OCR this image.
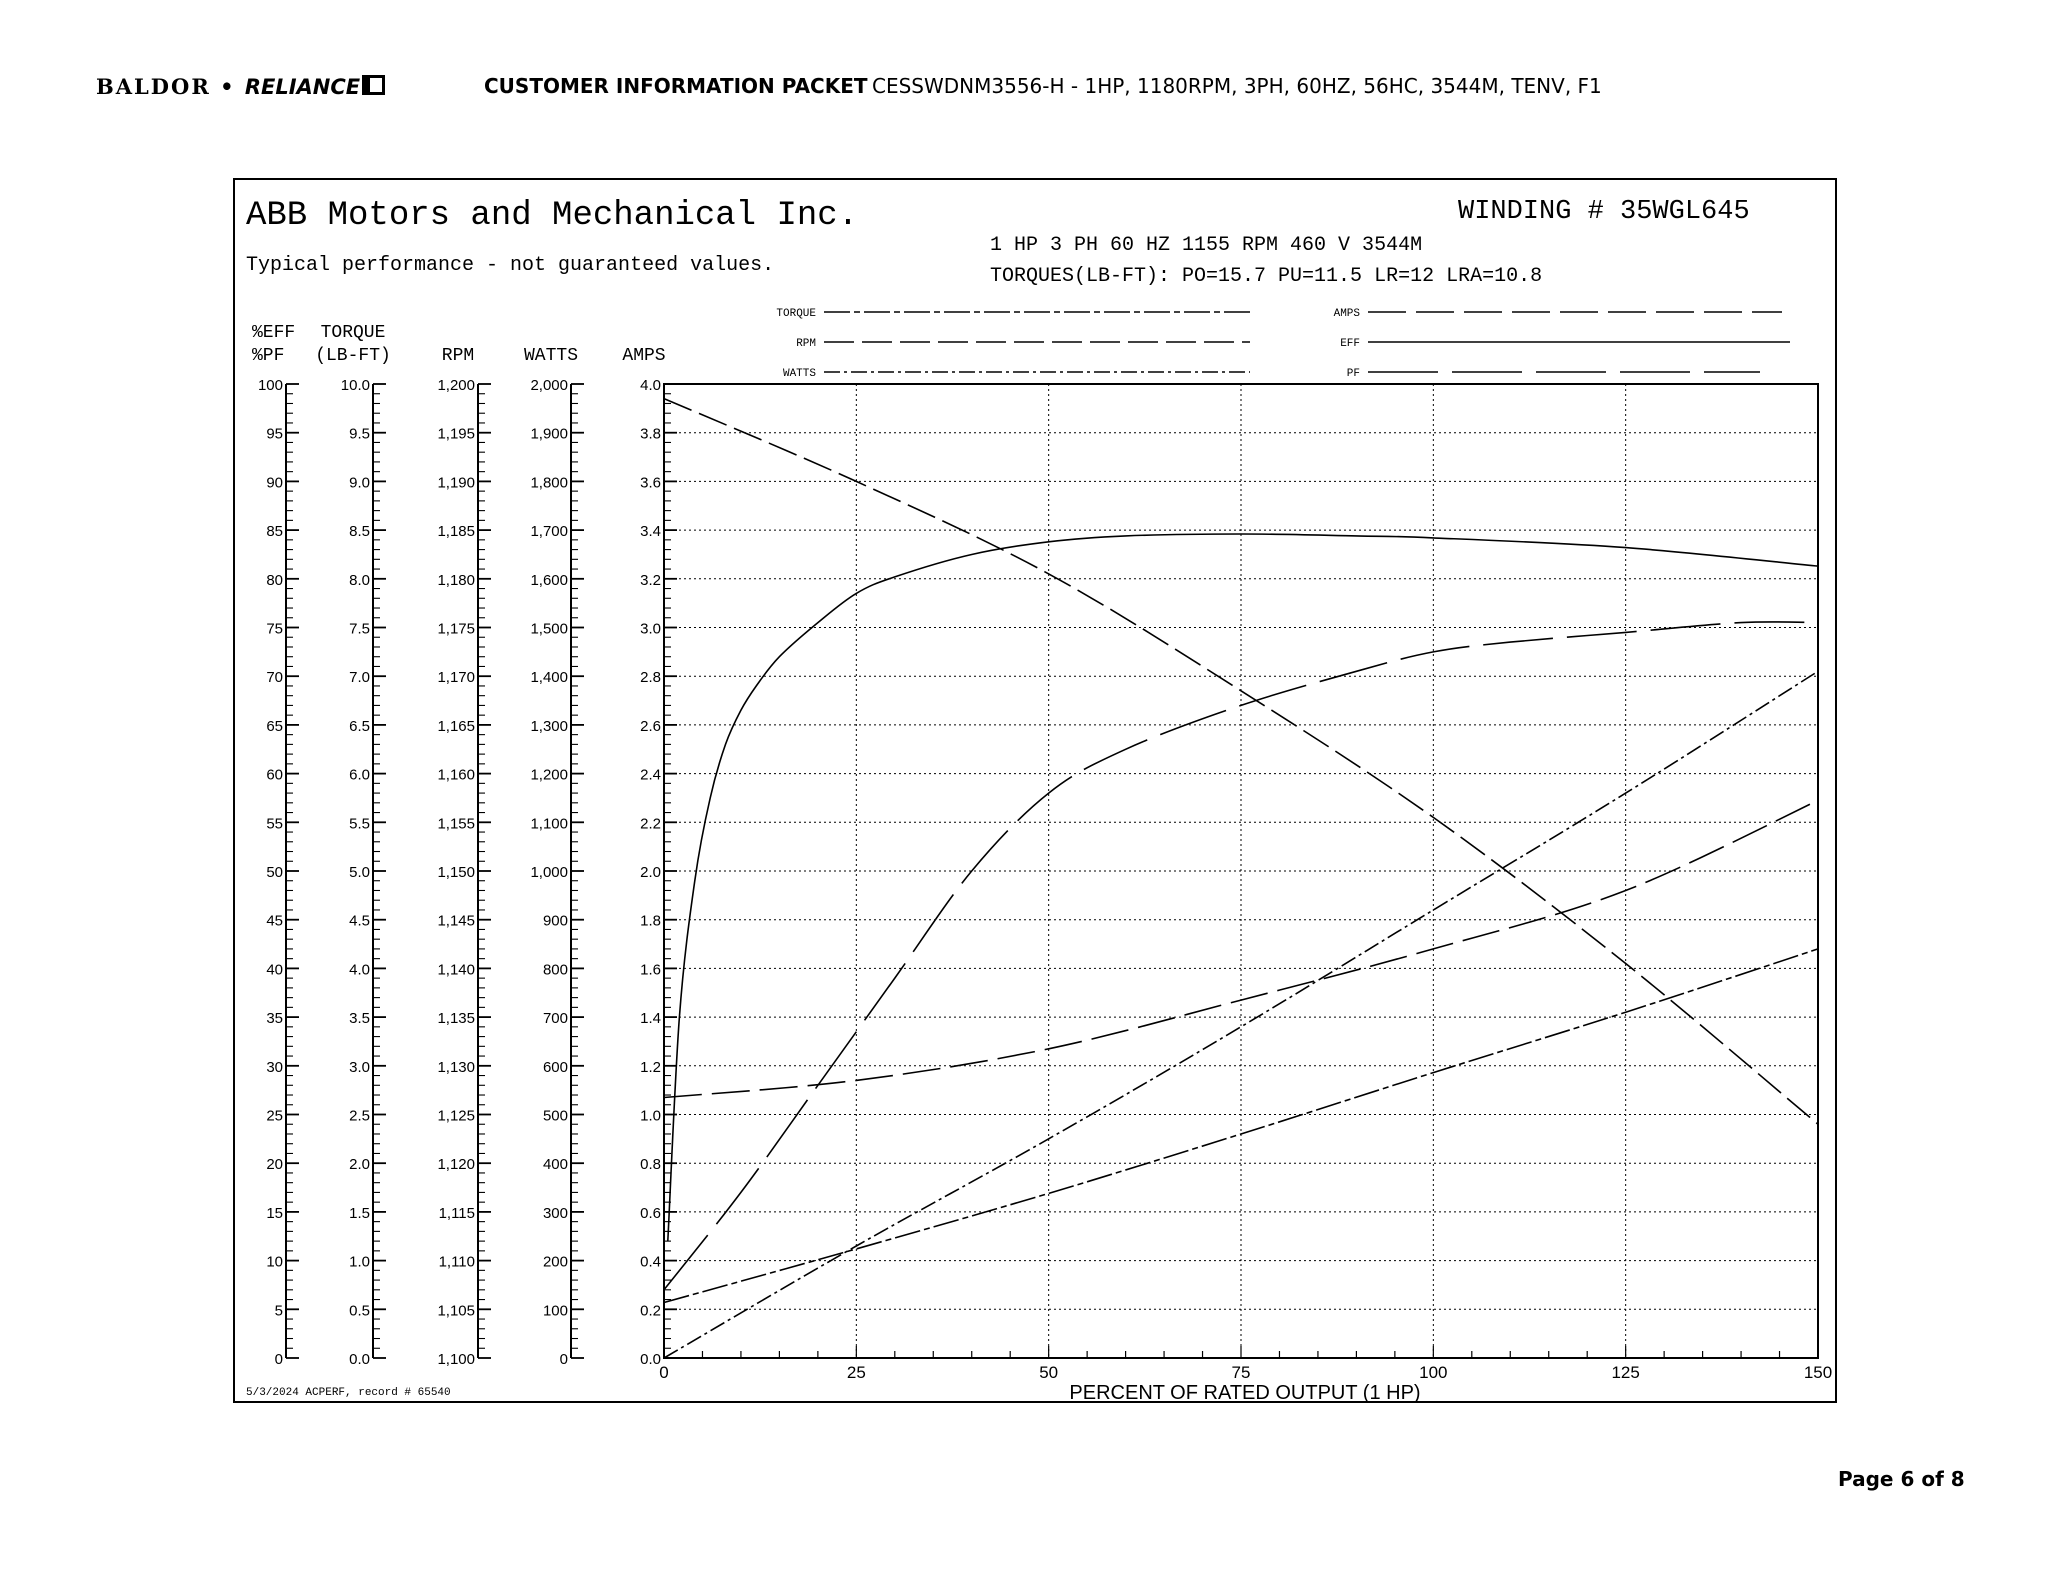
BALDOR • RELIANCE	CUSTOMER INFORMATION PACKET CESSWDNM3556-H - 1HP, 1180RPM, 3PH, 60HZ, 56HC, 3544M, TENV, F1
ABB Motors and Mechanical Inc.
Typical performance - not guaranteed values.
WINDING # 35WGL645
1 HP 3 PH 60 HZ 1155 RPM 460 V 3544M
TORQUES(LB-FT): PO=15.7 PU=11.5 LR=12 LRA=10.8
TORQUE
RPM
WATTS
AMPS
EFF
PF
0	25	50	75	100	125	150
PERCENT OF RATED OUTPUT (1 HP)
0
5
10
15
20
25
30
35
40
45
50
55
60
65
70
75
80
85
90
95
100
%EFF
%PF
0.0
0.5
1.0
1.5
2.0
2.5
3.0
3.5
4.0
4.5
5.0
5.5
6.0
6.5
7.0
7.5
8.0
8.5
9.0
9.5
10.0
TORQUE
(LB-FT)
1,100
1,105
1,110
1,115
1,120
1,125
1,130
1,135
1,140
1,145
1,150
1,155
1,160
1,165
1,170
1,175
1,180
1,185
1,190
1,195
1,200
RPM
0
100
200
300
400
500
600
700
800
900
1,000
1,100
1,200
1,300
1,400
1,500
1,600
1,700
1,800
1,900
2,000
WATTS
0.0
0.2
0.4
0.6
0.8
1.0
1.2
1.4
1.6
1.8
2.0
2.2
2.4
2.6
2.8
3.0
3.2
3.4
3.6
3.8
4.0
AMPS
5/3/2024 ACPERF, record # 65540
Page 6 of 8
